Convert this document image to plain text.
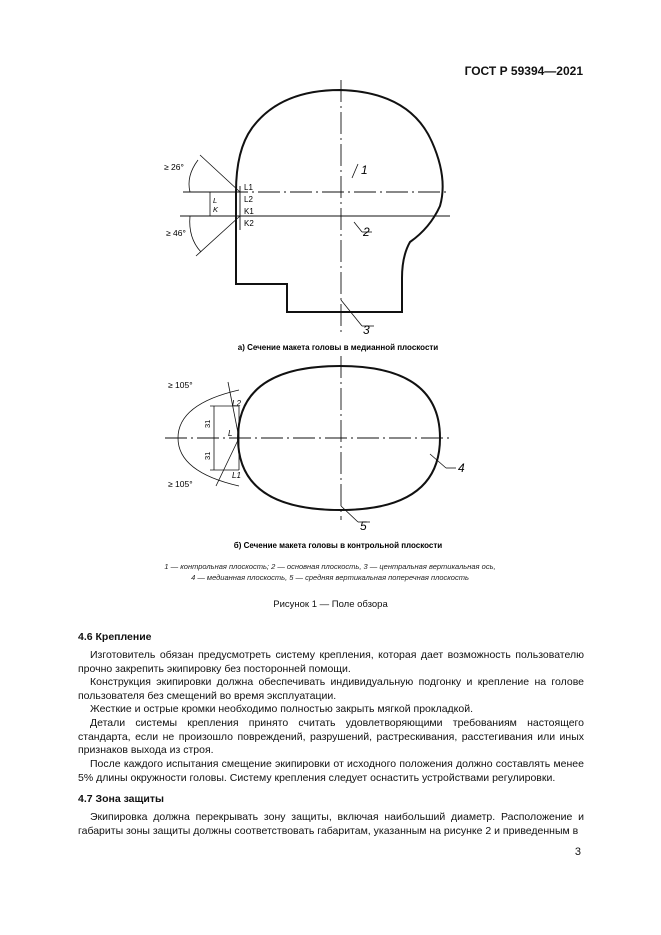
ГОСТ Р 59394—2021
≥ 26°
≥ 46°
L1
L2
K1
K2
L
K
1
2
3
а) Сечение макета головы в медианной плоскости
≥ 105°
≥ 105°
31
31
L2
L1
L
4
5
б) Сечение макета головы в контрольной плоскости
1 — контрольная плоскость; 2 — основная плоскость, 3 — центральная вертикальная ось,
4 — медианная плоскость, 5 — средняя вертикальная поперечная плоскость
Рисунок 1 — Поле обзора
4.6 Крепление
Изготовитель обязан предусмотреть систему крепления, которая дает возможность пользователю прочно закрепить экипировку без посторонней помощи.
Конструкция экипировки должна обеспечивать индивидуальную подгонку и крепление на голове пользователя без смещений во время эксплуатации.
Жесткие и острые кромки необходимо полностью закрыть мягкой прокладкой.
Детали системы крепления принято считать удовлетворяющими требованиям настоящего стандарта, если не произошло повреждений, разрушений, растрескивания, расстегивания или иных признаков выхода из строя.
После каждого испытания смещение экипировки от исходного положения должно составлять менее 5% длины окружности головы. Систему крепления следует оснастить устройствами регулировки.
4.7 Зона защиты
Экипировка должна перекрывать зону защиты, включая наибольший диаметр. Расположение и габариты зоны защиты должны соответствовать габаритам, указанным на рисунке 2 и приведенным в
3
